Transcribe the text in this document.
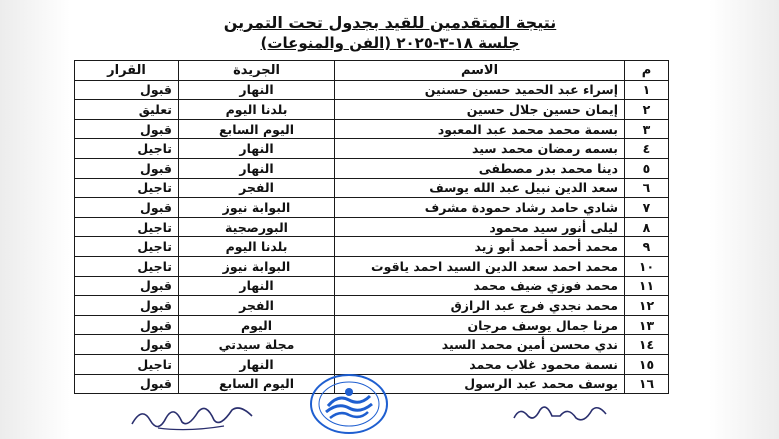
نتيجة المتقدمين للقيد بجدول تحت التمرين
جلسة ١٨-٣-٢٠٢٥ (الفن والمنوعات)
م	الاسم	الجريدة	القرار
١	إسراء عبد الحميد حسين حسنين	النهار	قبول
٢	إيمان حسين جلال حسين	بلدنا اليوم	تعليق
٣	بسمة محمد محمد عبد المعبود	اليوم السابع	قبول
٤	بسمه رمضان محمد سيد	النهار	تاجيل
٥	دينا محمد بدر مصطفى	النهار	قبول
٦	سعد الدين نبيل عبد الله يوسف	الفجر	تاجيل
٧	شادي حامد رشاد حمودة مشرف	البوابة نيوز	قبول
٨	ليلى أنور سيد محمود	البورصجية	تاجيل
٩	محمد أحمد أحمد أبو زيد	بلدنا اليوم	تاجيل
١٠	محمد احمد سعد الدين السيد احمد ياقوت	البوابة نيوز	تاجيل
١١	محمد فوزي ضيف محمد	النهار	قبول
١٢	محمد نجدي فرج عبد الرازق	الفجر	قبول
١٣	مرنا جمال يوسف مرجان	اليوم	قبول
١٤	ندي محسن أمين محمد السيد	مجلة سيدتي	قبول
١٥	نسمة محمود غلاب محمد	النهار	تاجيل
١٦	يوسف محمد عبد الرسول	اليوم السابع	قبول
